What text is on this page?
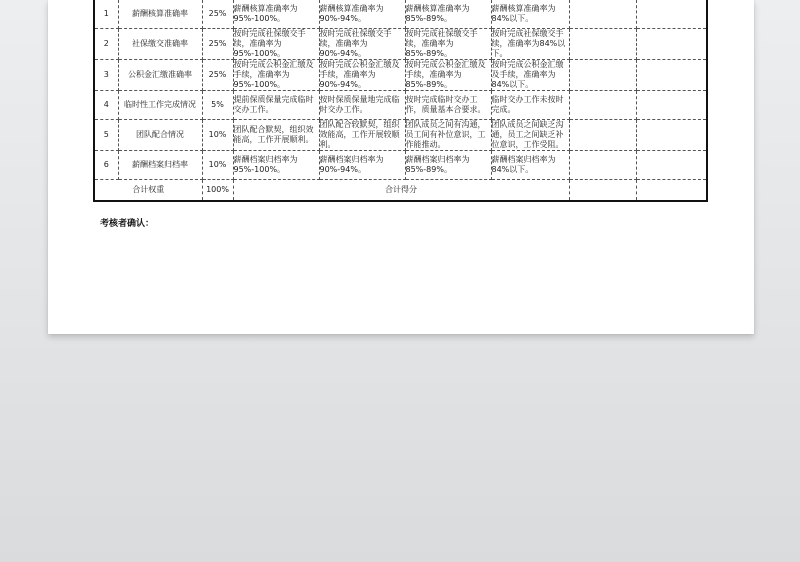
1	薪酬核算准确率	25%	薪酬核算准确率为95%-100%。	薪酬核算准确率为90%-94%。	薪酬核算准确率为85%-89%。	薪酬核算准确率为84%以下。		

2	社保缴交准确率	25%	按时完成社保缴交手续，准确率为95%-100%。	按时完成社保缴交手续，准确率为90%-94%。	按时完成社保缴交手续，准确率为85%-89%。	按时完成社保缴交手续，准确率为84%以下。		

3	公积金汇缴准确率	25%	按时完成公积金汇缴及手续，准确率为95%-100%。	按时完成公积金汇缴及手续，准确率为90%-94%。	按时完成公积金汇缴及手续，准确率为85%-89%。	按时完成公积金汇缴及手续，准确率为84%以下。		

4	临时性工作完成情况	5%	提前保质保量完成临时交办工作。	按时保质保量地完成临时交办工作。	按时完成临时交办工作，质量基本合要求。	临时交办工作未按时完成。		

5	团队配合情况	10%	团队配合默契，组织效能高，工作开展顺利。	团队配合较默契，组织效能高，工作开展较顺利。	团队成员之间有沟通，员工间有补位意识，工作能推动。	团队成员之间缺乏沟通，员工之间缺乏补位意识，工作受阻。		

6	薪酬档案归档率	10%	薪酬档案归档率为95%-100%。	薪酬档案归档率为90%-94%。	薪酬档案归档率为85%-89%。	薪酬档案归档率为84%以下。		

合计权重		100%	合计得分					
考核者确认：
